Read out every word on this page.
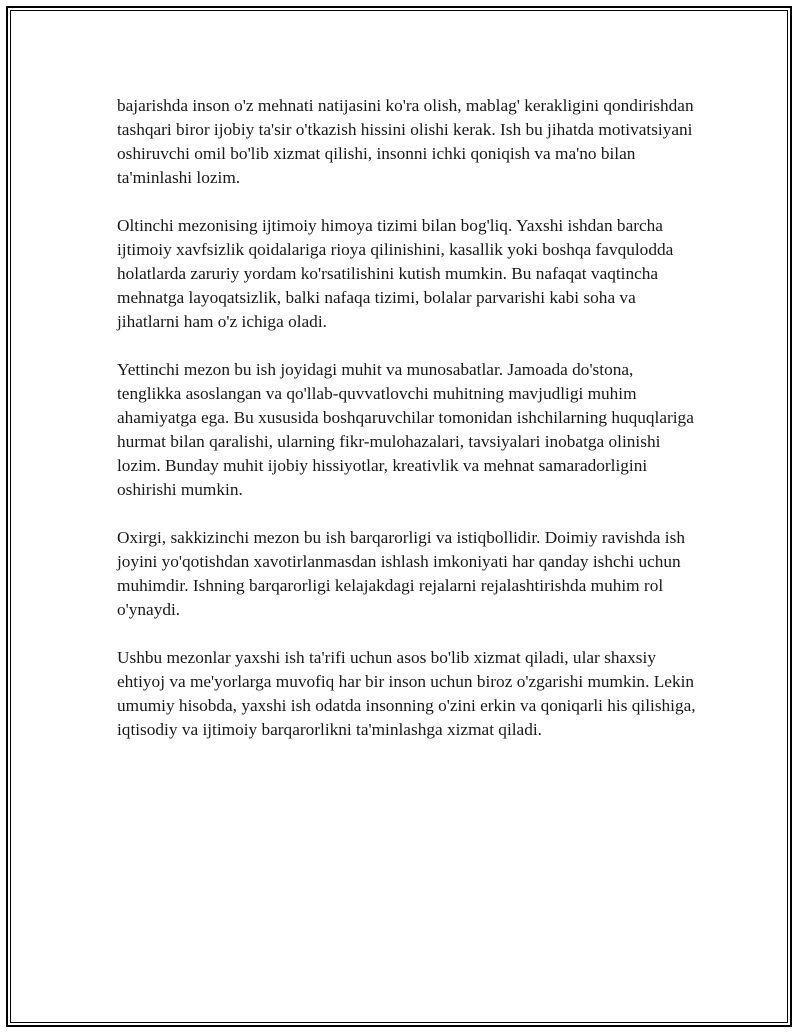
bajarishda inson o'z mehnati natijasini ko'ra olish, mablag' kerakligini qondirishdan tashqari biror ijobiy ta'sir o'tkazish hissini olishi kerak. Ish bu jihatda motivatsiyani oshiruvchi omil bo'lib xizmat qilishi, insonni ichki qoniqish va ma'no bilan ta'minlashi lozim.

Oltinchi mezonising ijtimoiy himoya tizimi bilan bog'liq. Yaxshi ishdan barcha ijtimoiy xavfsizlik qoidalariga rioya qilinishini, kasallik yoki boshqa favqulodda holatlarda zaruriy yordam ko'rsatilishini kutish mumkin. Bu nafaqat vaqtincha mehnatga layoqatsizlik, balki nafaqa tizimi, bolalar parvarishi kabi soha va jihatlarni ham o'z ichiga oladi.

Yettinchi mezon bu ish joyidagi muhit va munosabatlar. Jamoada do'stona, tenglikka asoslangan va qo'llab-quvvatlovchi muhitning mavjudligi muhim ahamiyatga ega. Bu xususida boshqaruvchilar tomonidan ishchilarning huquqlariga hurmat bilan qaralishi, ularning fikr-mulohazalari, tavsiyalari inobatga olinishi lozim. Bunday muhit ijobiy hissiyotlar, kreativlik va mehnat samaradorligini oshirishi mumkin.

Oxirgi, sakkizinchi mezon bu ish barqarorligi va istiqbollidir. Doimiy ravishda ish joyini yo'qotishdan xavotirlanmasdan ishlash imkoniyati har qanday ishchi uchun muhimdir. Ishning barqarorligi kelajakdagi rejalarni rejalashtirishda muhim rol o'ynaydi.

Ushbu mezonlar yaxshi ish ta'rifi uchun asos bo'lib xizmat qiladi, ular shaxsiy ehtiyoj va me'yorlarga muvofiq har bir inson uchun biroz o'zgarishi mumkin. Lekin umumiy hisobda, yaxshi ish odatda insonning o'zini erkin va qoniqarli his qilishiga, iqtisodiy va ijtimoiy barqarorlikni ta'minlashga xizmat qiladi.
